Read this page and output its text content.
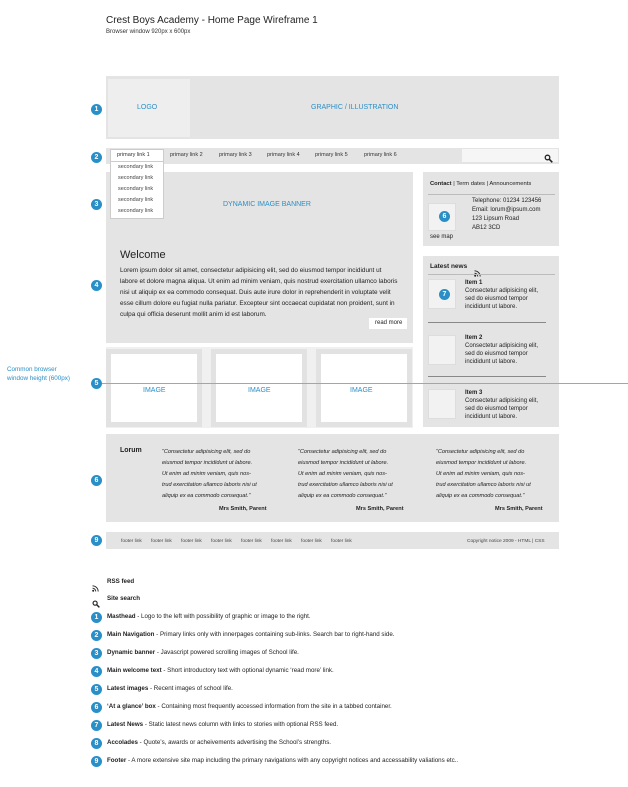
Crest Boys Academy - Home Page Wireframe 1
Browser window 920px x 600px
LOGO	GRAPHIC / ILLUSTRATION
primary link 1	primary link 2	primary link 3	primary link 4	primary link 5	primary link 6
DYNAMIC IMAGE BANNER
secondary link
secondary link
secondary link
secondary link
secondary link
Contact | Term dates | Announcements
Telephone: 01234 123456
Email: lorum@ipsum.com
123 Lipsum Road
AB12 3CD
see map
Welcome
Lorem ipsum dolor sit amet, consectetur adipisicing elit, sed do eiusmod tempor incididunt ut
labore et dolore magna aliqua. Ut enim ad minim veniam, quis nostrud exercitation ullamco laboris
nisi ut aliquip ex ea commodo consequat. Duis aute irure dolor in reprehenderit in voluptate velit
esse cillum dolore eu fugiat nulla pariatur. Excepteur sint occaecat cupidatat non proident, sunt in
culpa qui officia deserunt mollit anim id est laborum.
read more
Latest news
Item 1
Consectetur adipisicing elit,
sed do eiusmod tempor
incididunt ut labore.
Item 2
Consectetur adipisicing elit,
sed do eiusmod tempor
incididunt ut labore.
Item 3
Consectetur adipisicing elit,
sed do eiusmod tempor
incididunt ut labore.
IMAGE	IMAGE	IMAGE
Common browser
window height (600px)
Lorum	“Consectetur adipisicing elit, sed do
eiusmod tempor incididunt ut labore.
Ut enim ad minim veniam, quis nos-
trud exercitation ullamco laboris nisi ut
aliquip ex ea commodo consequat.”
Mrs Smith, Parent
“Consectetur adipisicing elit, sed do
eiusmod tempor incididunt ut labore.
Ut enim ad minim veniam, quis nos-
trud exercitation ullamco laboris nisi ut
aliquip ex ea commodo consequat.”
Mrs Smith, Parent
“Consectetur adipisicing elit, sed do
eiusmod tempor incididunt ut labore.
Ut enim ad minim veniam, quis nos-
trud exercitation ullamco laboris nisi ut
aliquip ex ea commodo consequat.”
Mrs Smith, Parent
footer link footer link footer link footer link footer link footer link footer link footer link	Copyright notice 2009 - HTML | CSS
1
2
3
4
5
6
9
6
7
RSS feed
Site search
1	Masthead - Logo to the left with possibility of graphic or image to the right.
2	Main Navigation - Primary links only with innerpages containing sub-links. Search bar to right-hand side.
3	Dynamic banner - Javascript powered scrolling images of School life.
4	Main welcome text - Short introductory text with optional dynamic ‘read more’ link.
5	Latest images - Recent images of school life.
6	‘At a glance’ box - Containing most frequently accessed information from the site in a tabbed container.
7	Latest News - Static latest news column with links to stories with optional RSS feed.
8	Accolades - Quote’s, awards or acheivements advertising the School’s strengths.
9	Footer - A more extensive site map including the primary navigations with any copyright notices and accessability valiations etc..
